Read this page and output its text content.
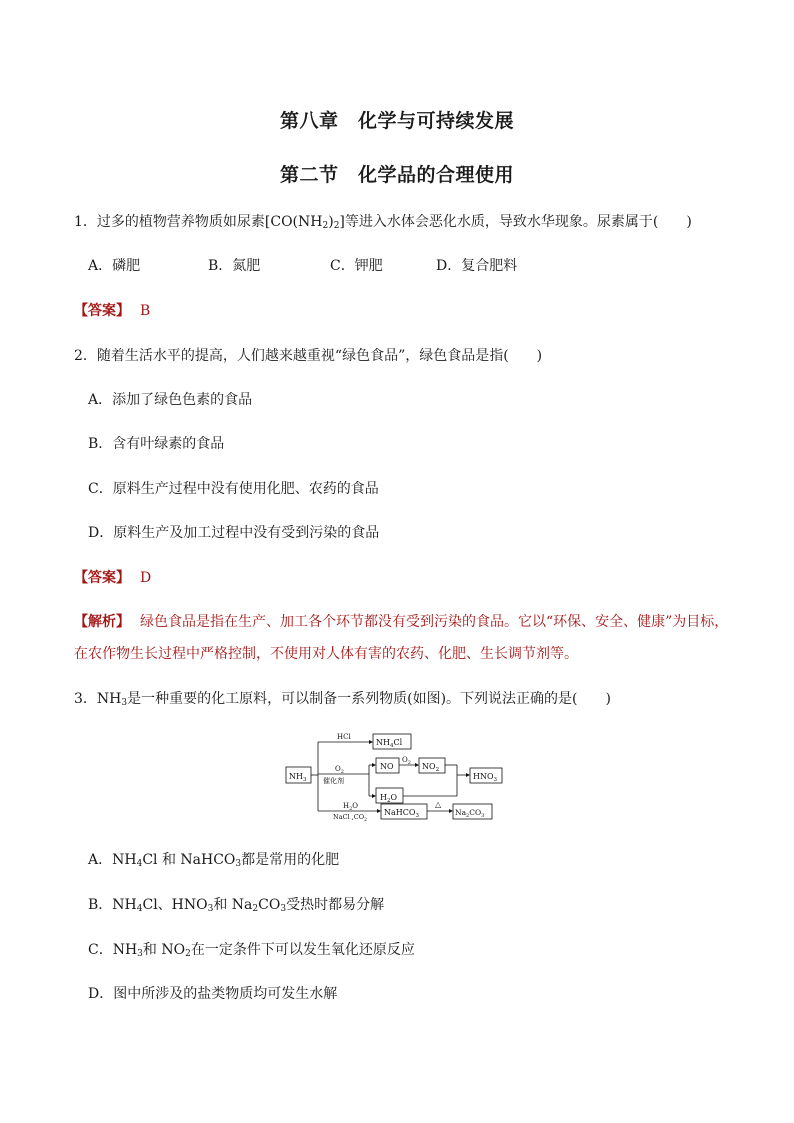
第八章　化学与可持续发展
第二节　化学品的合理使用
1．过多的植物营养物质如尿素$[CO(NH_2)_2]$等进入水体会恶化水质，导致水华现象。尿素属于(　　)
A．磷肥	B．氮肥	C．钾肥	D．复合肥料
【答案】 B
2．随着生活水平的提高，人们越来越重视“绿色食品”，绿色食品是指(　　)
A．添加了绿色色素的食品
B．含有叶绿素的食品
C．原料生产过程中没有使用化肥、农药的食品
D．原料生产及加工过程中没有受到污染的食品
【答案】 D
【解析】 绿色食品是指在生产、加工各个环节都没有受到污染的食品。它以“环保、安全、健康”为目标，在农作物生长过程中严格控制，不使用对人体有害的农药、化肥、生长调节剂等。
3．$NH_3$是一种重要的化工原料，可以制备一系列物质(如图)。下列说法正确的是(　　)
$NH_3$
HCl
$NH_4Cl$
$O_2$
催化剂
NO
$O_2$ $NO_2$
$H_2O$
$HNO_3$
$H_2O$
NaCl $,CO_2$
NaHCO$_3$
△
$Na_2CO_3$
A．$NH_4Cl$ 和 NaHCO$_3$都是常用的化肥
B．$NH_4Cl$、$HNO_3$和 $Na_2CO_3$受热时都易分解
C．$NH_3$和 $NO_2$在一定条件下可以发生氧化还原反应
D．图中所涉及的盐类物质均可发生水解
